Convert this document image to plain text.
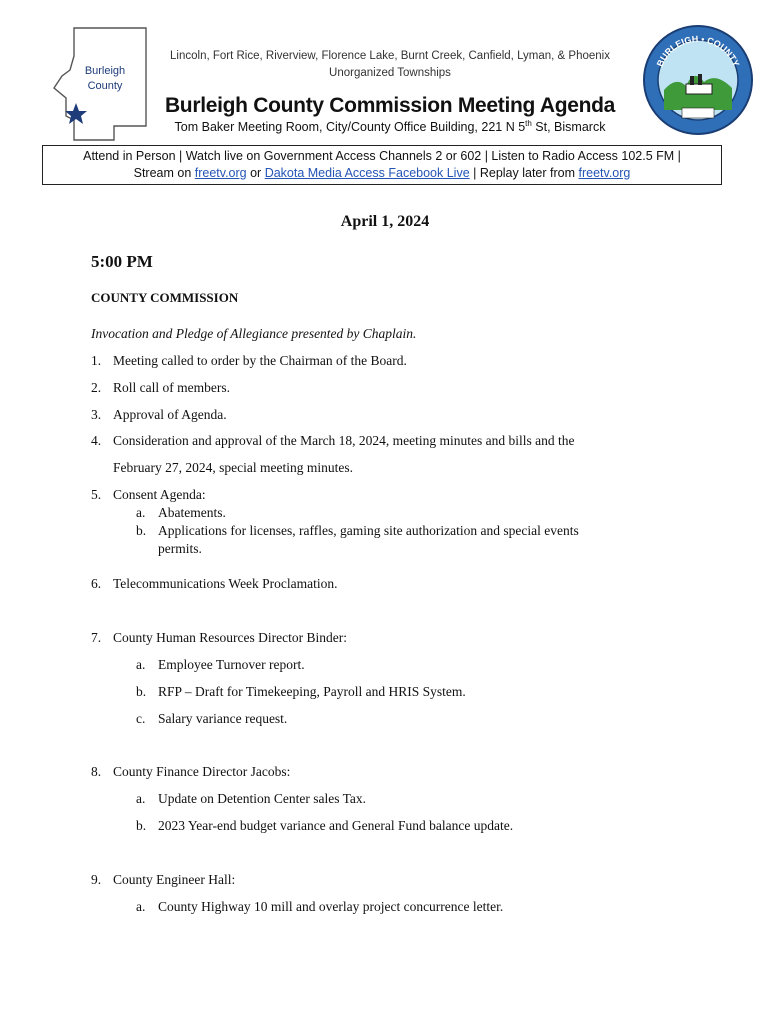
Burleigh
County
Lincoln, Fort Rice, Riverview, Florence Lake, Burnt Creek, Canfield, Lyman, & Phoenix
Unorganized Townships
Burleigh County Commission Meeting Agenda
Tom Baker Meeting Room, City/County Office Building, 221 N 5th St, Bismarck
BURLEIGH • COUNTY
Attend in Person | Watch live on Government Access Channels 2 or 602 | Listen to Radio Access 102.5 FM |
Stream on freetv.org or Dakota Media Access Facebook Live | Replay later from freetv.org
April 1, 2024
5:00 PM
COUNTY COMMISSION
Invocation and Pledge of Allegiance presented by Chaplain.
1. Meeting called to order by the Chairman of the Board.
2. Roll call of members.
3. Approval of Agenda.
4. Consideration and approval of the March 18, 2024, meeting minutes and bills and the
February 27, 2024, special meeting minutes.
5. Consent Agenda:
a. Abatements.
b. Applications for licenses, raffles, gaming site authorization and special events
permits.
6. Telecommunications Week Proclamation.
7. County Human Resources Director Binder:
a. Employee Turnover report.
b. RFP – Draft for Timekeeping, Payroll and HRIS System.
c. Salary variance request.
8. County Finance Director Jacobs:
a. Update on Detention Center sales Tax.
b. 2023 Year-end budget variance and General Fund balance update.
9. County Engineer Hall:
a. County Highway 10 mill and overlay project concurrence letter.
